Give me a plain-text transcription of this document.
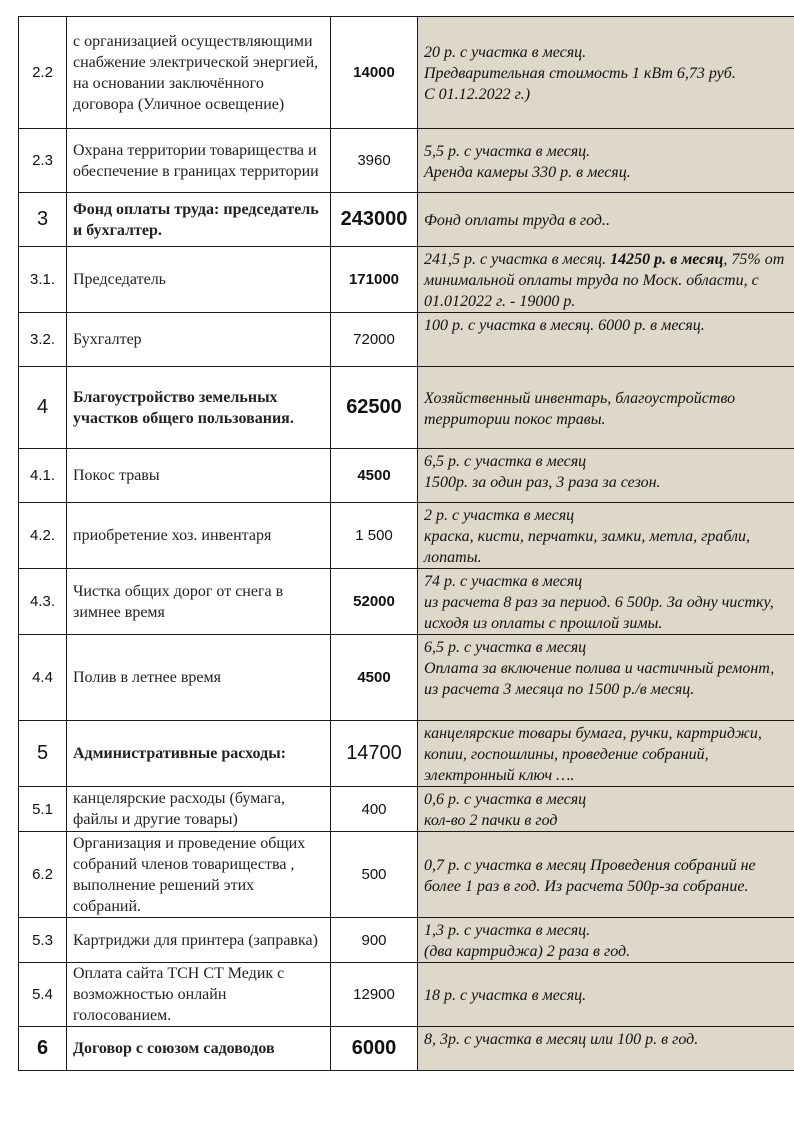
2.2	с организацией осуществляющими снабжение электрической энергией, на основании заключённого договора (Уличное освещение)	14000	20 р. с участка в месяц.
Предварительная стоимость 1 кВт 6,73 руб.
С 01.12.2022 г.)

2.3	Охрана территории товарищества и обеспечение в границах территории	3960	5,5 р. с участка в месяц.
Аренда камеры 330 р. в месяц.

3	Фонд оплаты труда: председатель и бухгалтер.	243000	Фонд оплаты труда в год..

3.1.	Председатель	171000	241,5 р. с участка в месяц. 14250 р. в месяц, 75% от минимальной оплаты труда по Моск. области, с 01.012022 г. - 19000 р.
3.2.	Бухгалтер	72000	100 р. с участка в месяц. 6000 р. в месяц.

4	Благоустройство земельных участков общего пользования.	62500	Хозяйственный инвентарь, благоустройство территории покос травы.

4.1.	Покос травы	4500	6,5 р. с участка в месяц
1500р. за один раз, 3 раза за сезон.

4.2.	приобретение хоз. инвентаря	1 500	2 р. с участка в месяц
краска, кисти, перчатки, замки, метла, грабли, лопаты.

4.3.	Чистка общих дорог от снега в зимнее время	52000	74 р. с участка в месяц
из расчета 8 раз за период. 6 500р. За одну чистку, исходя из оплаты с прошлой зимы.

4.4	Полив в летнее время	4500	6,5 р. с участка в месяц
Оплата за включение полива и частичный ремонт, из расчета 3 месяца по 1500 р./в месяц.

5	Административные расходы:	14700	канцелярские товары бумага, ручки, картриджи, копии, госпошлины, проведение собраний, электронный ключ ….

5.1	канцелярские расходы (бумага, файлы и другие товары)	400	0,6 р. с участка в месяц
кол-во 2 пачки в год

6.2	Организация и проведение общих собраний членов товарищества , выполнение решений этих собраний.	500	0,7 р. с участка в месяц Проведения собраний не более 1 раз в год. Из расчета 500р-за собрание.

5.3	Картриджи для принтера (заправка)	900	1,3 р. с участка в месяц.
(два картриджа) 2 раза в год.

5.4	Оплата сайта ТСН СТ Медик с возможностью онлайн голосованием.	12900	18 р. с участка в месяц.

6	Договор с союзом садоводов	6000	8, 3р. с участка в месяц или 100 р. в год.
